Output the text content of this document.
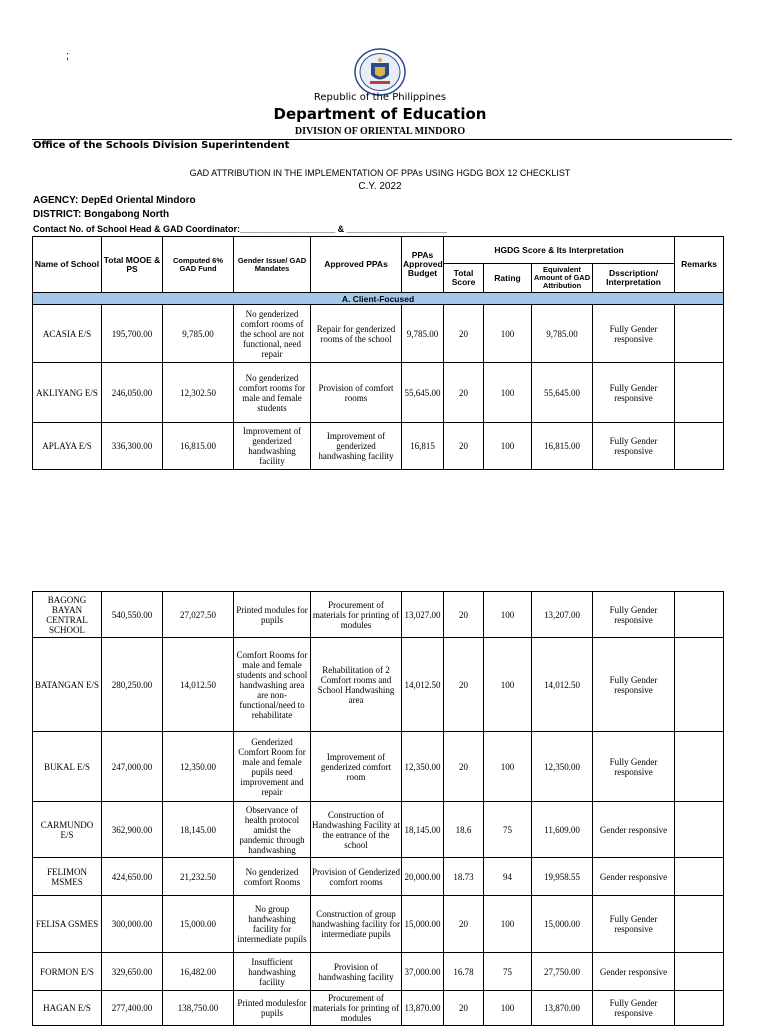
;
Republic of the Philippines
Department of Education
DIVISION OF ORIENTAL MINDORO
Office of the Schools Division Superintendent
GAD ATTRIBUTION IN THE IMPLEMENTATION OF PPAs USING HGDG BOX 12 CHECKLIST
C.Y. 2022
AGENCY: DepEd Oriental Mindoro
DISTRICT: Bongabong North
Contact No. of School Head & GAD Coordinator:___________________ & ____________________
Name of School	Total MOOE & PS	Computed 6% GAD Fund	Gender Issue/ GAD Mandates	Approved PPAs	PPAs Approved Budget	HGDG Score & Its Interpretation				Remarks
						Total Score	Rating	Equivalent Amount of GAD Attribution	Dsscription/ Interpretation	
A. Client-Focused										
ACASIA E/S	195,700.00	9,785.00	No genderized comfort rooms of the school are not functional, need repair	Repair for genderized rooms of the school	9,785.00	20	100	9,785.00	Fully Gender responsive	
AKLIYANG E/S	246,050.00	12,302.50	No genderized comfort rooms for male and female students	Provision of comfort rooms	55,645.00	20	100	55,645.00	Fully Gender responsive	
APLAYA E/S	336,300.00	16,815.00	Improvement of genderized handwashing facility	Improvement of genderized handwashing facility	16,815	20	100	16,815.00	Fully Gender responsive	
BAGONG BAYAN CENTRAL SCHOOL	540,550.00	27,027.50	Printed modules for pupils	Procurement of materials for printing of modules	13,027.00	20	100	13,207.00	Fully Gender responsive	
BATANGAN E/S	280,250.00	14,012.50	Comfort Rooms for male and female students and school handwashing area are non-functional/need to rehabilitate	Rehabilitation of 2 Comfort rooms and School Handwashing area	14,012.50	20	100	14,012.50	Fully Gender responsive	
BUKAL E/S	247,000.00	12,350.00	Genderized Comfort Room for male and female pupils need improvement and repair	Improvement of genderized comfort room	12,350.00	20	100	12,350.00	Fully Gender responsive	
CARMUNDO E/S	362,900.00	18,145.00	Observance of health protocol amidst the pandemic through handwashing	Construction of Handwashing Facility at the entrance of the school	18,145.00	18.6	75	11,609.00	Gender responsive	
FELIMON MSMES	424,650.00	21,232.50	No genderized comfort Rooms	Provision of Genderized comfort rooms	20,000.00	18.73	94	19,958.55	Gender responsive	
FELISA GSMES	300,000.00	15,000.00	No group handwashing facility for intermediate pupils	Construction of group handwashing facility for intermediate pupils	15,000.00	20	100	15,000.00	Fully Gender responsive	
FORMON E/S	329,650.00	16,482.00	Insufficient handwashing facility	Provision of handwashing facility	37,000.00	16.78	75	27,750.00	Gender responsive	
HAGAN E/S	277,400.00	138,750.00	Printed modulesfor pupils	Procurement of materials for printing of modules	13,870.00	20	100	13,870.00	Fully Gender responsive	
